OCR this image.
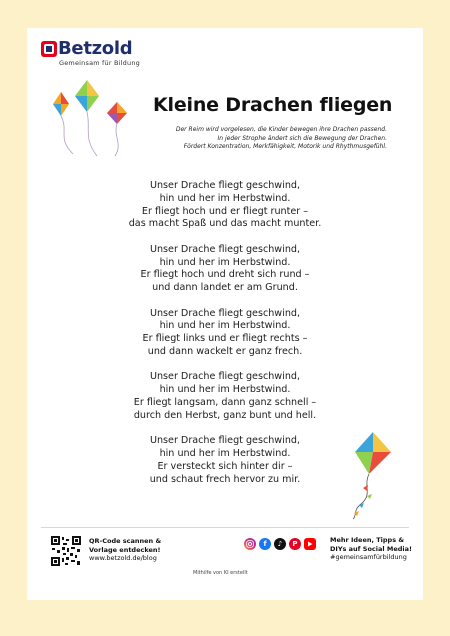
Betzold
Gemeinsam für Bildung
Kleine Drachen fliegen
Der Reim wird vorgelesen, die Kinder bewegen ihre Drachen passend.
In jeder Strophe ändert sich die Bewegung der Drachen.
Fördert Konzentration, Merkfähigkeit, Motorik und Rhythmusgefühl.
Unser Drache fliegt geschwind,
hin und her im Herbstwind.
Er fliegt hoch und er fliegt runter –
das macht Spaß und das macht munter.
Unser Drache fliegt geschwind,
hin und her im Herbstwind.
Er fliegt hoch und dreht sich rund –
und dann landet er am Grund.
Unser Drache fliegt geschwind,
hin und her im Herbstwind.
Er fliegt links und er fliegt rechts –
und dann wackelt er ganz frech.
Unser Drache fliegt geschwind,
hin und her im Herbstwind.
Er fliegt langsam, dann ganz schnell –
durch den Herbst, ganz bunt und hell.
Unser Drache fliegt geschwind,
hin und her im Herbstwind.
Er versteckt sich hinter dir –
und schaut frech hervor zu mir.
QR-Code scannen &
Vorlage entdecken!
www.betzold.de/blog
f	♪	P	Mehr Ideen, Tipps &
DIYs auf Social Media!
#gemeinsamfürbildung
Mithilfe von KI erstellt
